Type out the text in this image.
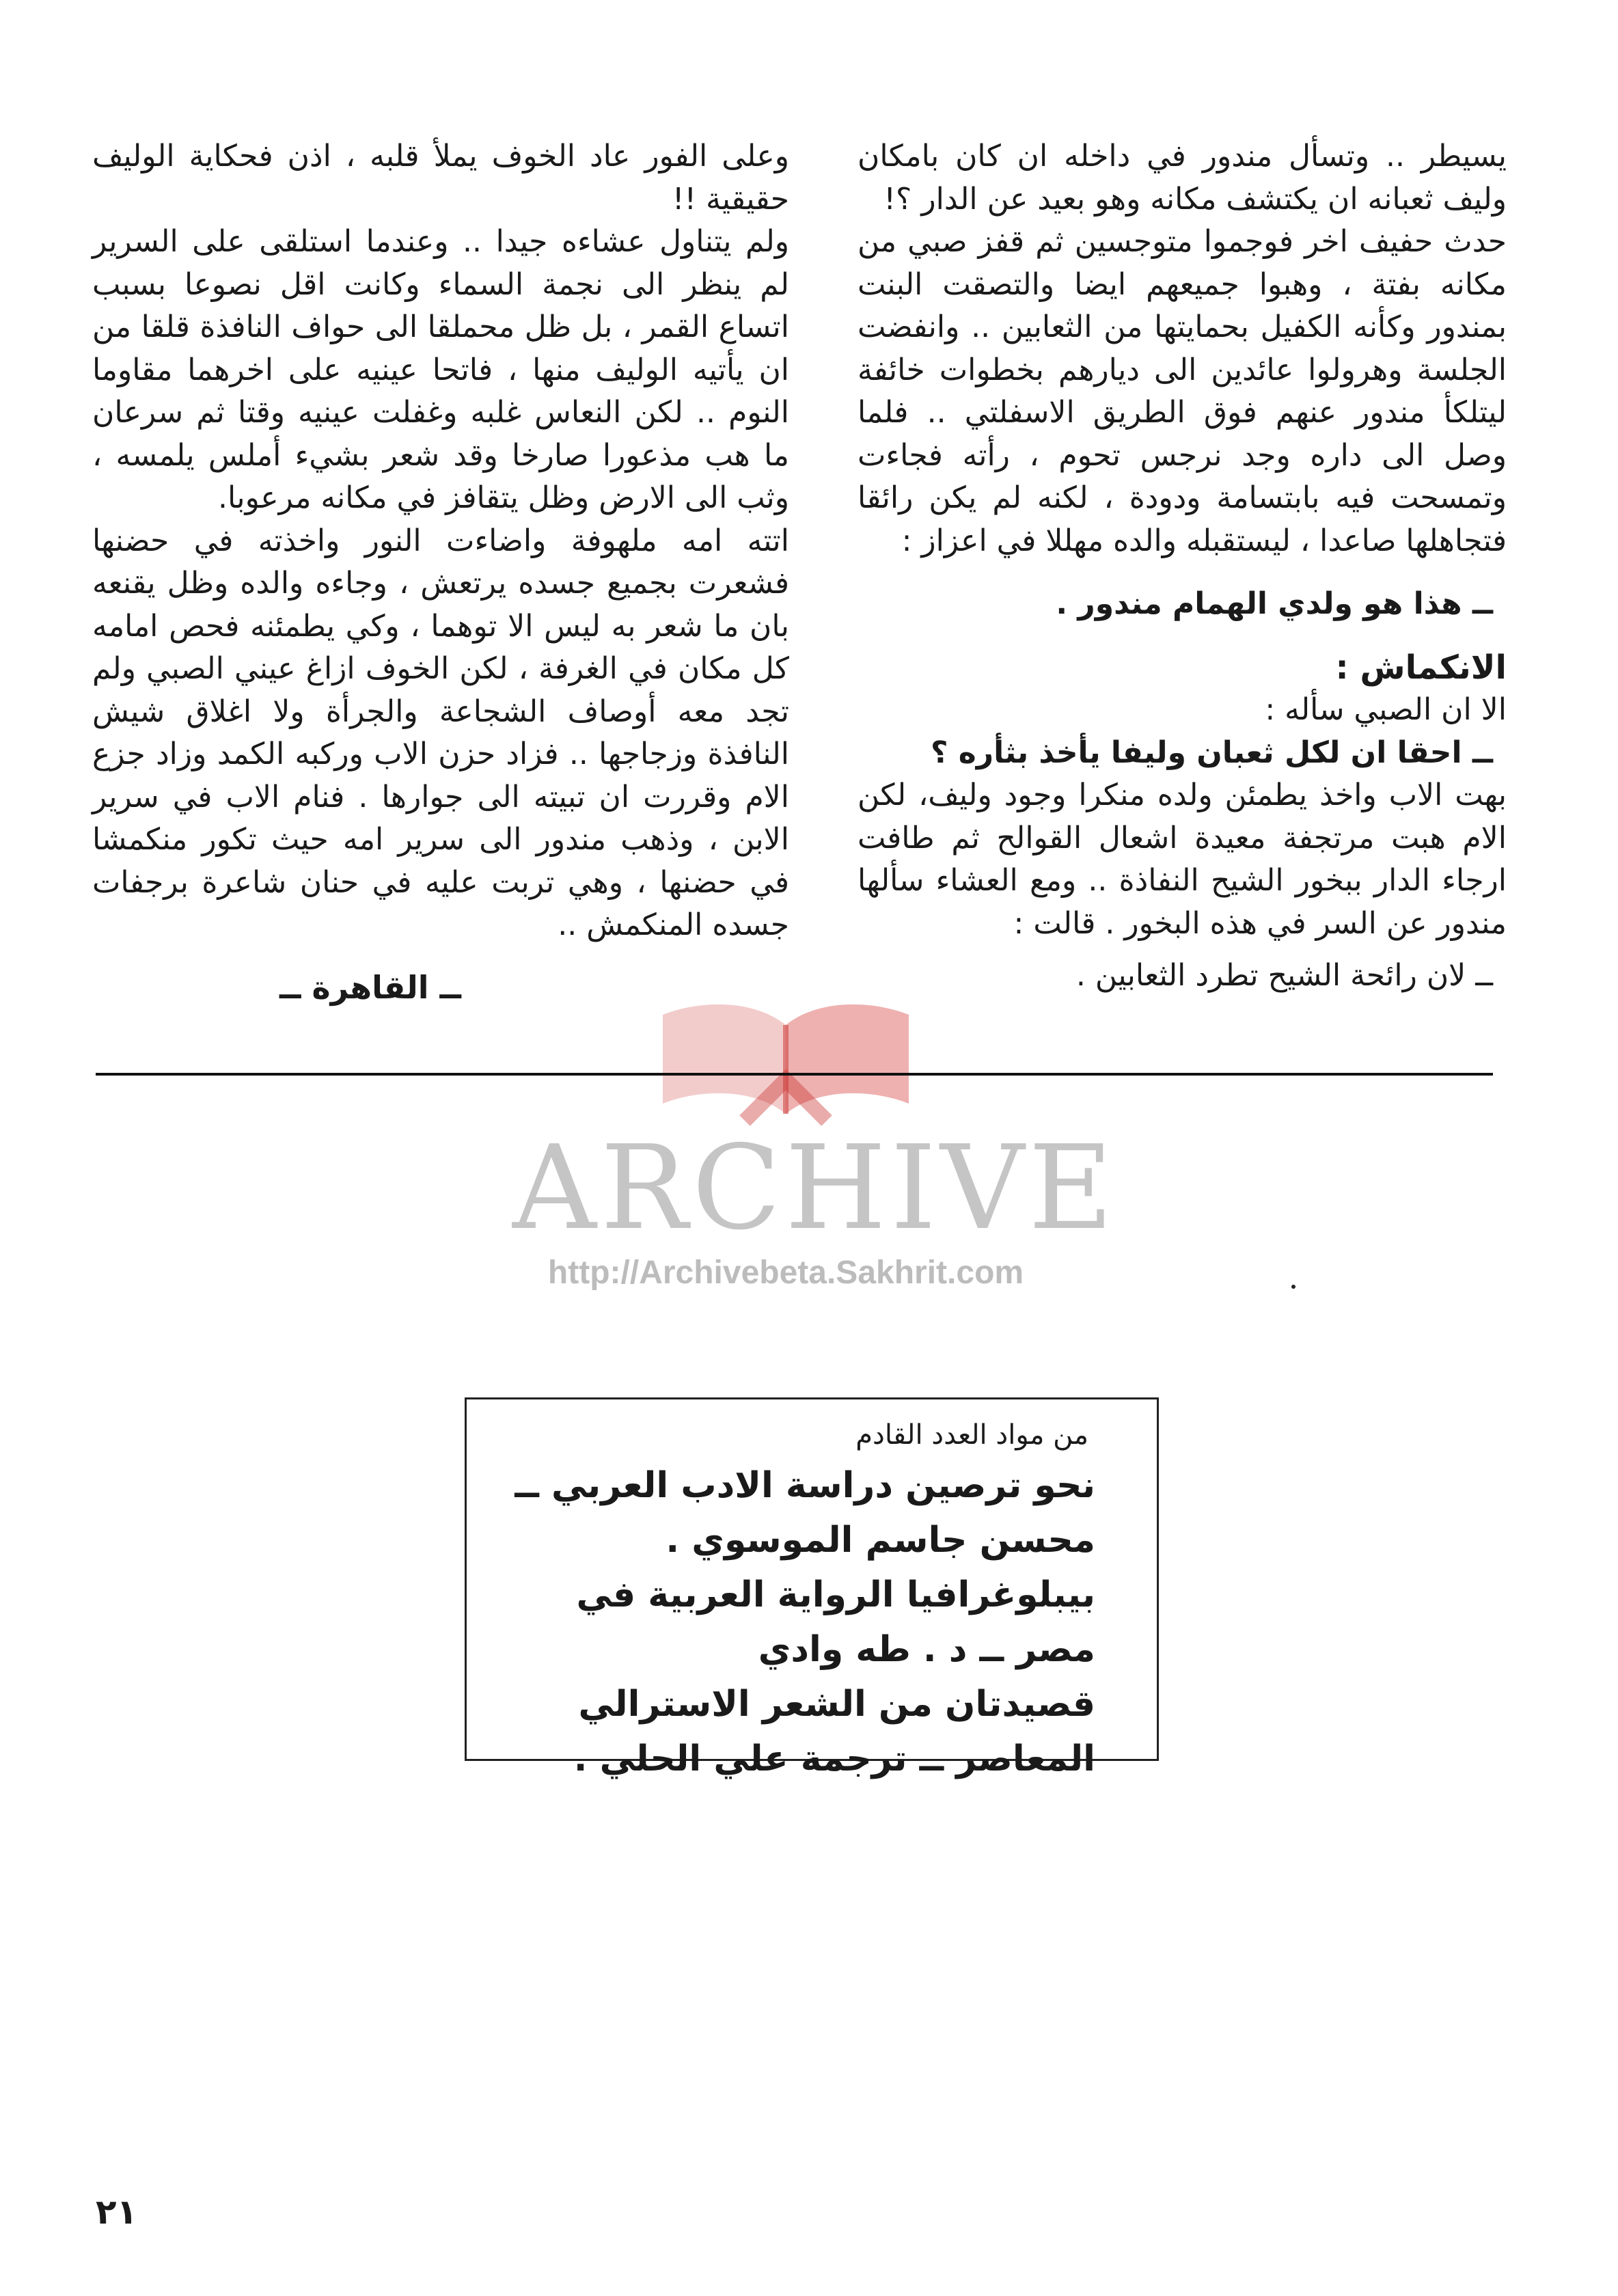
يسيطر .. وتسأل مندور في داخله ان كان بامكان وليف ثعبانه ان يكتشف مكانه وهو بعيد عن الدار ؟!

حدث حفيف اخر فوجموا متوجسين ثم قفز صبي من مكانه بفتة ، وهبوا جميعهم ايضا والتصقت البنت بمندور وكأنه الكفيل بحمايتها من الثعابين .. وانفضت الجلسة وهرولوا عائدين الى ديارهم بخطوات خائفة ليتلكأ مندور عنهم فوق الطريق الاسفلتي .. فلما وصل الى داره وجد نرجس تحوم ، رأته فجاءت وتمسحت فيه بابتسامة ودودة ، لكنه لم يكن رائقا فتجاهلها صاعدا ، ليستقبله والده مهللا في اعزاز :

ــ هذا هو ولدي الهمام مندور .

الانكماش :

الا ان الصبي سأله :

ــ احقا ان لكل ثعبان وليفا يأخذ بثأره ؟

بهت الاب واخذ يطمئن ولده منكرا وجود وليف، لكن الام هبت مرتجفة معيدة اشعال القوالح ثم طافت ارجاء الدار ببخور الشيح النفاذة .. ومع العشاء سألها مندور عن السر في هذه البخور . قالت :

ــ لان رائحة الشيح تطرد الثعابين .

وعلى الفور عاد الخوف يملأ قلبه ، اذن فحكاية الوليف حقيقية !!

ولم يتناول عشاءه جيدا .. وعندما استلقى على السرير لم ينظر الى نجمة السماء وكانت اقل نصوعا بسبب اتساع القمر ، بل ظل محملقا الى حواف النافذة قلقا من ان يأتيه الوليف منها ، فاتحا عينيه على اخرهما مقاوما النوم .. لكن النعاس غلبه وغفلت عينيه وقتا ثم سرعان ما هب مذعورا صارخا وقد شعر بشيء أملس يلمسه ، وثب الى الارض وظل يتقافز في مكانه مرعوبا.

اتته امه ملهوفة واضاءت النور واخذته في حضنها فشعرت بجميع جسده يرتعش ، وجاءه والده وظل يقنعه بان ما شعر به ليس الا توهما ، وكي يطمئنه فحص امامه كل مكان في الغرفة ، لكن الخوف ازاغ عيني الصبي ولم تجد معه أوصاف الشجاعة والجرأة ولا اغلاق شيش النافذة وزجاجها .. فزاد حزن الاب وركبه الكمد وزاد جزع الام وقررت ان تبيته الى جوارها . فنام الاب في سرير الابن ، وذهب مندور الى سرير امه حيث تكور منكمشا في حضنها ، وهي تربت عليه في حنان شاعرة برجفات جسده المنكمش ..

ــ القاهرة ــ
ARCHIVE
http://Archivebeta.Sakhrit.com
من مواد العدد القادم
نحو ترصين دراسة الادب العربي ــ محسن جاسم الموسوي .
بيبلوغرافيا الرواية العربية في مصر ــ د . طه وادي
قصيدتان من الشعر الاسترالي المعاصر ــ ترجمة علي الحلي .
٢١
